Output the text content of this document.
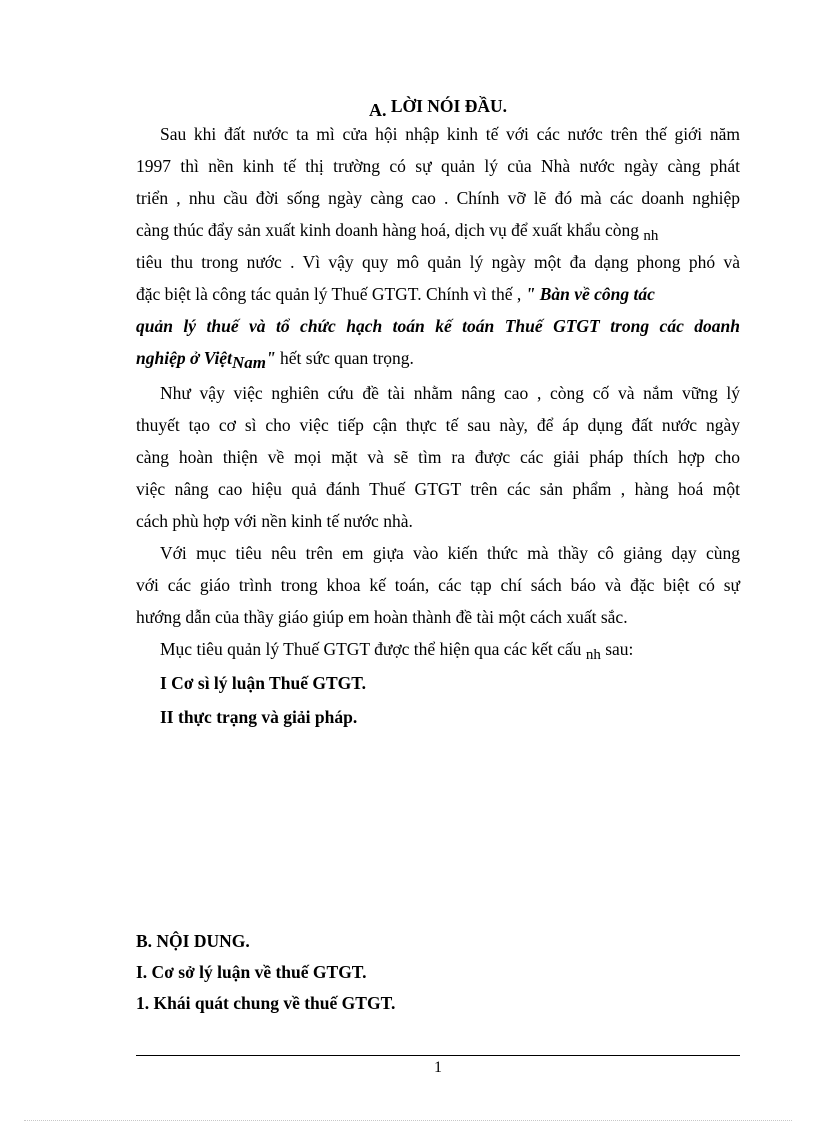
A. LỜI NÓI ĐẦU.
Sau khi đất nước ta mì cửa hội nhập kinh tế với các nước trên thế giới năm
1997 thì nền kinh tế thị trường có sự quản lý của Nhà nước ngày càng phát
triển , nhu cầu đời sống ngày càng cao . Chính vỡ lẽ đó mà các doanh nghiệp
càng thúc đẩy sản xuất kinh doanh hàng hoá, dịch vụ để xuất khẩu còng nh
tiêu thu trong nước . Vì vậy quy mô quản lý ngày một đa dạng phong phó và
đặc biệt là công tác quản lý Thuế GTGT. Chính vì thế , " Bàn về công tác
quản lý thuế và tổ chức hạch toán kế toán Thuế GTGT trong các doanh
nghiệp ở ViệtNam" hết sức quan trọng.
Như vậy việc nghiên cứu đề tài nhằm nâng cao , còng cố và nắm vững lý
thuyết tạo cơ sì cho việc tiếp cận thực tế sau này, để áp dụng đất nước ngày
càng hoàn thiện về mọi mặt và sẽ tìm ra được các giải pháp thích hợp cho
việc nâng cao hiệu quả đánh Thuế GTGT trên các sản phẩm , hàng hoá một
cách phù hợp với nền kinh tế nước nhà.
Với mục tiêu nêu trên em giựa vào kiến thức mà thầy cô giảng dạy cùng
với các giáo trình trong khoa kế toán, các tạp chí sách báo và đặc biệt có sự
hướng dẫn của thầy giáo giúp em hoàn thành đề tài một cách xuất sắc.
Mục tiêu quản lý Thuế GTGT được thể hiện qua các kết cấu nh sau:
I Cơ sì lý luận Thuế GTGT.
II thực trạng và giải pháp.
B. NỘI DUNG.
I. Cơ sở lý luận về thuế GTGT.
1. Khái quát chung về thuế GTGT.
1
